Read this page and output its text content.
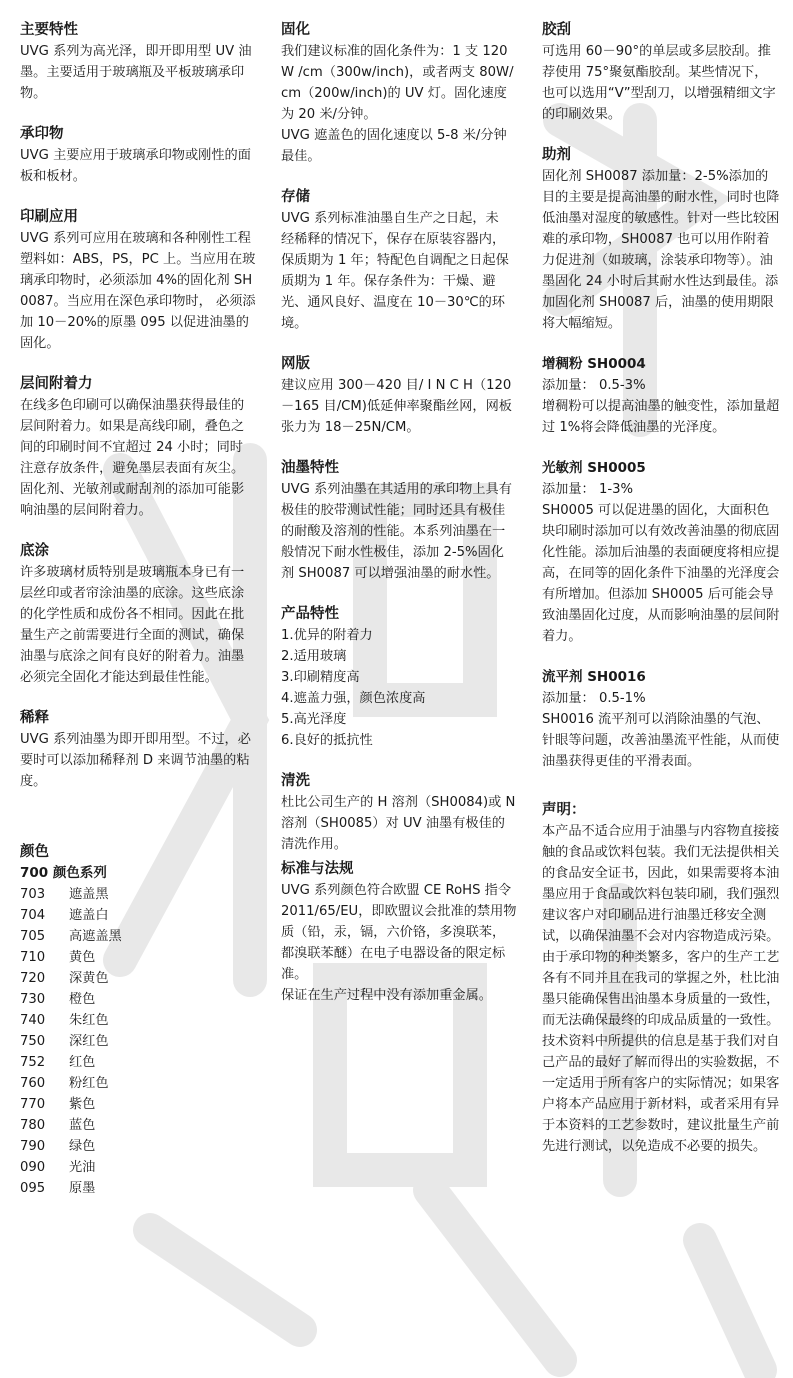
主要特性

UVG 系列为高光泽，即开即用型 UV 油墨。主要适用于玻璃瓶及平板玻璃承印物。

承印物

UVG 主要应用于玻璃承印物或刚性的面板和板材。

印刷应用

UVG 系列可应用在玻璃和各种刚性工程塑料如：ABS，PS，PC 上。当应用在玻璃承印物时，必须添加 4%的固化剂 SH0087。当应用在深色承印物时， 必须添加 10－20%的原墨 095 以促进油墨的固化。

层间附着力

在线多色印刷可以确保油墨获得最佳的层间附着力。如果是高线印刷，叠色之间的印刷时间不宜超过 24 小时；同时注意存放条件，避免墨层表面有灰尘。固化剂、光敏剂或耐刮剂的添加可能影响油墨的层间附着力。

底涂

许多玻璃材质特别是玻璃瓶本身已有一层丝印或者帘涂油墨的底涂。这些底涂的化学性质和成份各不相同。因此在批量生产之前需要进行全面的测试，确保油墨与底涂之间有良好的附着力。油墨必须完全固化才能达到最佳性能。

稀释

UVG 系列油墨为即开即用型。不过，必要时可以添加稀释剂 D 来调节油墨的粘度。

颜色
700 颜色系列
703	遮盖黑
704	遮盖白
705	高遮盖黑
710	黄色
720	深黄色
730	橙色
740	朱红色
750	深红色
752	红色
760	粉红色
770	紫色
780	蓝色
790	绿色
090	光油
095	原墨
固化

我们建议标准的固化条件为：1 支 120W /cm（300w/inch)，或者两支 80W/cm（200w/inch)的 UV 灯。固化速度为 20 米/分钟。

UVG 遮盖色的固化速度以 5-8 米/分钟最佳。

存储

UVG 系列标准油墨自生产之日起，未
经稀释的情况下，保存在原装容器内，保质期为 1 年；特配色自调配之日起保质期为 1 年。保存条件为：干燥、避光、通风良好、温度在 10－30℃的环境。

网版

建议应用 300－420 目/ I N C H（120－165 目/CM)低延伸率聚酯丝网，网板张力为 18－25N/CM。

油墨特性

UVG 系列油墨在其适用的承印物上具有极佳的胶带测试性能；同时还具有极佳的耐酸及溶剂的性能。本系列油墨在一般情况下耐水性极佳，添加 2-5%固化剂 SH0087 可以增强油墨的耐水性。

产品特性
1.优异的附着力
2.适用玻璃
3.印刷精度高
4.遮盖力强，颜色浓度高
5.高光泽度
6.良好的抵抗性
清洗

杜比公司生产的 H 溶剂（SH0084)或 N 溶剂（SH0085）对 UV 油墨有极佳的清洗作用。

标准与法规

UVG 系列颜色符合欧盟 CE RoHS 指令

2011/65/EU，即欧盟议会批准的禁用物质（铅，汞，镉，六价铬，多溴联苯，都溴联苯醚）在电子电器设备的限定标准。

保证在生产过程中没有添加重金属。

胶刮

可选用 60－90°的单层或多层胶刮。推荐使用 75°聚氨酯胶刮。某些情况下，也可以选用“V”型刮刀，以增强精细文字的印刷效果。

助剂

固化剂 SH0087 添加量：2-5%添加的目的主要是提高油墨的耐水性，同时也降低油墨对湿度的敏感性。针对一些比较困难的承印物，SH0087 也可以用作附着力促进剂（如玻璃，涂装承印物等）。油墨固化 24 小时后其耐水性达到最佳。添加固化剂 SH0087 后，油墨的使用期限将大幅缩短。

增稠粉 SH0004

添加量： 0.5-3%

增稠粉可以提高油墨的触变性，添加量超过 1%将会降低油墨的光泽度。

光敏剂 SH0005

添加量： 1-3%

SH0005 可以促进墨的固化，大面积色块印刷时添加可以有效改善油墨的彻底固化性能。添加后油墨的表面硬度将相应提高，在同等的固化条件下油墨的光泽度会有所增加。但添加 SH0005 后可能会导致油墨固化过度，从而影响油墨的层间附着力。

流平剂 SH0016

添加量： 0.5-1%

SH0016 流平剂可以消除油墨的气泡、针眼等问题，改善油墨流平性能，从而使油墨获得更佳的平滑表面。

声明：

本产品不适合应用于油墨与内容物直接接触的食品或饮料包装。我们无法提供相关的食品安全证书，因此，如果需要将本油墨应用于食品或饮料包装印刷，我们强烈建议客户对印刷品进行油墨迁移安全测试，以确保油墨不会对内容物造成污染。

由于承印物的种类繁多，客户的生产工艺各有不同并且在我司的掌握之外，杜比油墨只能确保售出油墨本身质量的一致性，而无法确保最终的印成品质量的一致性。技术资料中所提供的信息是基于我们对自己产品的最好了解而得出的实验数据，不一定适用于所有客户的实际情况；如果客户将本产品应用于新材料，或者采用有异于本资料的工艺参数时，建议批量生产前先进行测试，以免造成不必要的损失。
